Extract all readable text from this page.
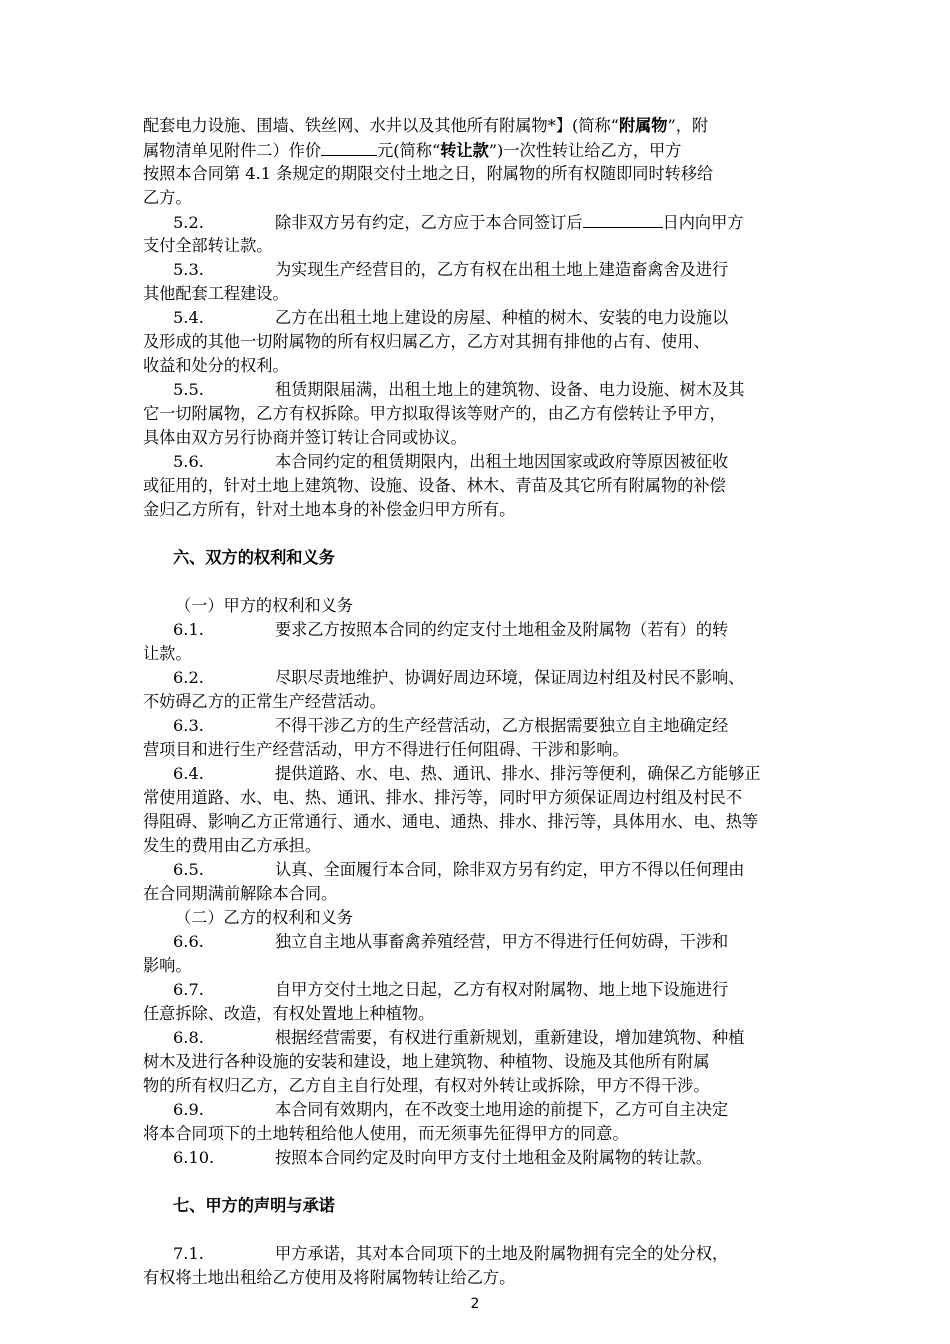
配套电力设施、围墙、铁丝网、水井以及其他所有附属物*】(简称“附属物”，附
属物清单见附件二）作价	元(简称“转让款”)一次性转让给乙方，甲方
按照本合同第 4.1 条规定的期限交付土地之日，附属物的所有权随即同时转移给
乙方。
5.2.	除非双方另有约定，乙方应于本合同签订后	日内向甲方
支付全部转让款。
5.3.	为实现生产经营目的，乙方有权在出租土地上建造畜禽舍及进行
其他配套工程建设。
5.4.	乙方在出租土地上建设的房屋、种植的树木、安装的电力设施以
及形成的其他一切附属物的所有权归属乙方，乙方对其拥有排他的占有、使用、
收益和处分的权利。
5.5.	租赁期限届满，出租土地上的建筑物、设备、电力设施、树木及其
它一切附属物，乙方有权拆除。甲方拟取得该等财产的，由乙方有偿转让予甲方，
具体由双方另行协商并签订转让合同或协议。
5.6.	本合同约定的租赁期限内，出租土地因国家或政府等原因被征收
或征用的，针对土地上建筑物、设施、设备、林木、青苗及其它所有附属物的补偿
金归乙方所有，针对土地本身的补偿金归甲方所有。
六、双方的权利和义务
（一）甲方的权利和义务
6.1.	要求乙方按照本合同的约定支付土地租金及附属物（若有）的转
让款。
6.2.	尽职尽责地维护、协调好周边环境，保证周边村组及村民不影响、
不妨碍乙方的正常生产经营活动。
6.3.	不得干涉乙方的生产经营活动，乙方根据需要独立自主地确定经
营项目和进行生产经营活动，甲方不得进行任何阻碍、干涉和影响。
6.4.	提供道路、水、电、热、通讯、排水、排污等便利，确保乙方能够正
常使用道路、水、电、热、通讯、排水、排污等，同时甲方须保证周边村组及村民不
得阻碍、影响乙方正常通行、通水、通电、通热、排水、排污等，具体用水、电、热等
发生的费用由乙方承担。
6.5.	认真、全面履行本合同，除非双方另有约定，甲方不得以任何理由
在合同期满前解除本合同。
（二）乙方的权利和义务
6.6.	独立自主地从事畜禽养殖经营，甲方不得进行任何妨碍，干涉和
影响。
6.7.	自甲方交付土地之日起，乙方有权对附属物、地上地下设施进行
任意拆除、改造，有权处置地上种植物。
6.8.	根据经营需要，有权进行重新规划，重新建设，增加建筑物、种植
树木及进行各种设施的安装和建设，地上建筑物、种植物、设施及其他所有附属
物的所有权归乙方，乙方自主自行处理，有权对外转让或拆除，甲方不得干涉。
6.9.	本合同有效期内，在不改变土地用途的前提下，乙方可自主决定
将本合同项下的土地转租给他人使用，而无须事先征得甲方的同意。
6.10.	按照本合同约定及时向甲方支付土地租金及附属物的转让款。
七、甲方的声明与承诺
7.1.	甲方承诺，其对本合同项下的土地及附属物拥有完全的处分权，
有权将土地出租给乙方使用及将附属物转让给乙方。
2
